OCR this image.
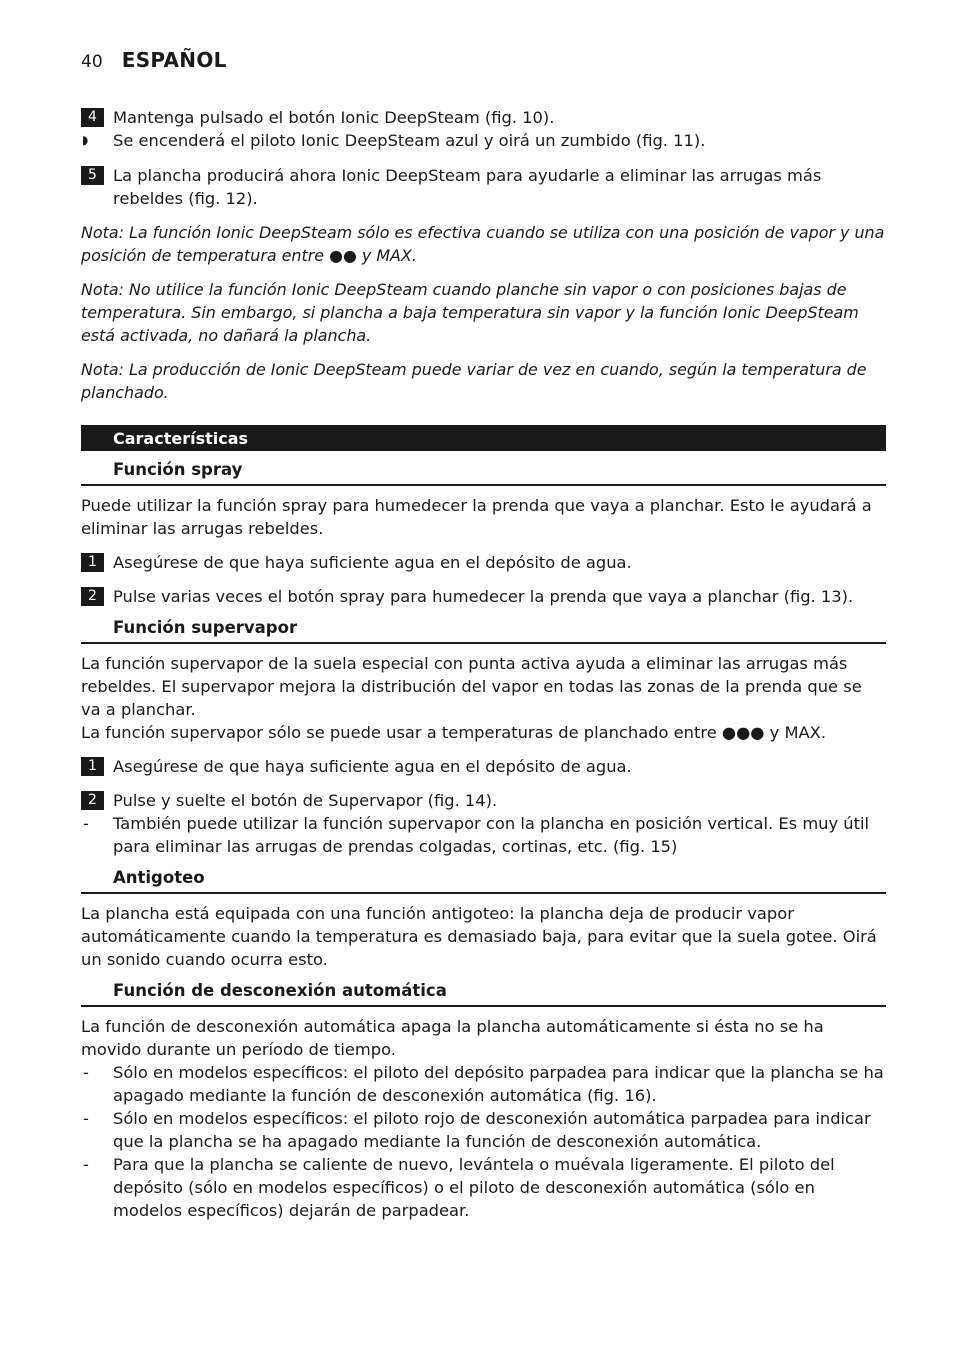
40 ESPAÑOL
4 Mantenga pulsado el botón Ionic DeepSteam (fig. 10).
◗	Se encenderá el piloto Ionic DeepSteam azul y oirá un zumbido (fig. 11).
5 La plancha producirá ahora Ionic DeepSteam para ayudarle a eliminar las arrugas más rebeldes (fig. 12).

Nota: La función Ionic DeepSteam sólo es efectiva cuando se utiliza con una posición de vapor y una posición de temperatura entre ●● y MAX.

Nota: No utilice la función Ionic DeepSteam cuando planche sin vapor o con posiciones bajas de temperatura. Sin embargo, si plancha a baja temperatura sin vapor y la función Ionic DeepSteam está activada, no dañará la plancha.

Nota: La producción de Ionic DeepSteam puede variar de vez en cuando, según la temperatura de planchado.

Características
Función spray

Puede utilizar la función spray para humedecer la prenda que vaya a planchar. Esto le ayudará a eliminar las arrugas rebeldes.

1 Asegúrese de que haya suficiente agua en el depósito de agua.
2 Pulse varias veces el botón spray para humedecer la prenda que vaya a planchar (fig. 13).
Función supervapor

La función supervapor de la suela especial con punta activa ayuda a eliminar las arrugas más rebeldes. El supervapor mejora la distribución del vapor en todas las zonas de la prenda que se va a planchar.

La función supervapor sólo se puede usar a temperaturas de planchado entre ●●● y MAX.

1 Asegúrese de que haya suficiente agua en el depósito de agua.
2 Pulse y suelte el botón de Supervapor (fig. 14).
- También puede utilizar la función supervapor con la plancha en posición vertical. Es muy útil para eliminar las arrugas de prendas colgadas, cortinas, etc. (fig. 15)
Antigoteo

La plancha está equipada con una función antigoteo: la plancha deja de producir vapor automáticamente cuando la temperatura es demasiado baja, para evitar que la suela gotee. Oirá un sonido cuando ocurra esto.

Función de desconexión automática

La función de desconexión automática apaga la plancha automáticamente si ésta no se ha movido durante un período de tiempo.

- Sólo en modelos específicos: el piloto del depósito parpadea para indicar que la plancha se ha apagado mediante la función de desconexión automática (fig. 16).
- Sólo en modelos específicos: el piloto rojo de desconexión automática parpadea para indicar que la plancha se ha apagado mediante la función de desconexión automática.
- Para que la plancha se caliente de nuevo, levántela o muévala ligeramente. El piloto del depósito (sólo en modelos específicos) o el piloto de desconexión automática (sólo en modelos específicos) dejarán de parpadear.
